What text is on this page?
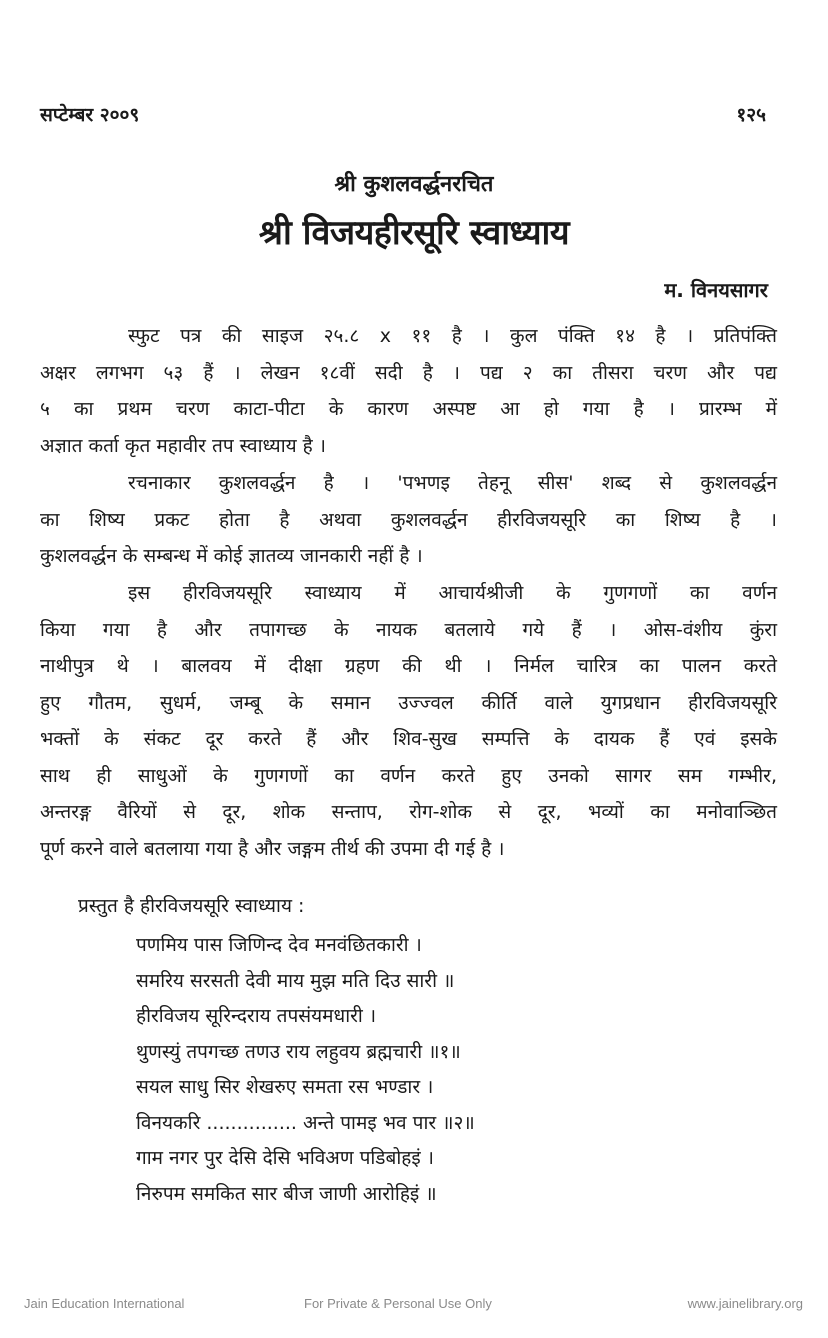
सप्टेम्बर २००९	१२५
श्री कुशलवर्द्धनरचित
श्री विजयहीरसूरि स्वाध्याय
म. विनयसागर
स्फुट पत्र की साइज २५.८ x ११ है । कुल पंक्ति १४ है । प्रतिपंक्ति
अक्षर लगभग ५३ हैं । लेखन १८वीं सदी है । पद्य २ का तीसरा चरण और पद्य
५ का प्रथम चरण काटा-पीटा के कारण अस्पष्ट आ हो गया है । प्रारम्भ में
अज्ञात कर्ता कृत महावीर तप स्वाध्याय है ।
रचनाकार कुशलवर्द्धन है । 'पभणइ तेहनू सीस' शब्द से कुशलवर्द्धन
का शिष्य प्रकट होता है अथवा कुशलवर्द्धन हीरविजयसूरि का शिष्य है ।
कुशलवर्द्धन के सम्बन्ध में कोई ज्ञातव्य जानकारी नहीं है ।
इस हीरविजयसूरि स्वाध्याय में आचार्यश्रीजी के गुणगणों का वर्णन
किया गया है और तपागच्छ के नायक बतलाये गये हैं । ओस-वंशीय कुंरा
नाथीपुत्र थे । बालवय में दीक्षा ग्रहण की थी । निर्मल चारित्र का पालन करते
हुए गौतम, सुधर्म, जम्बू के समान उज्ज्वल कीर्ति वाले युगप्रधान हीरविजयसूरि
भक्तों के संकट दूर करते हैं और शिव-सुख सम्पत्ति के दायक हैं एवं इसके
साथ ही साधुओं के गुणगणों का वर्णन करते हुए उनको सागर सम गम्भीर,
अन्तरङ्ग वैरियों से दूर, शोक सन्ताप, रोग-शोक से दूर, भव्यों का मनोवाञ्छित
पूर्ण करने वाले बतलाया गया है और जङ्गम तीर्थ की उपमा दी गई है ।
प्रस्तुत है हीरविजयसूरि स्वाध्याय :
पणमिय पास जिणिन्द देव मनवंछितकारी ।
समरिय सरसती देवी माय मुझ मति दिउ सारी ॥
हीरविजय सूरिन्दराय तपसंयमधारी ।
थुणस्युं तपगच्छ तणउ राय लहुवय ब्रह्मचारी ॥१॥
सयल साधु सिर शेखरुए समता रस भण्डार ।
विनयकरि ............... अन्ते पामइ भव पार ॥२॥
गाम नगर पुर देसि देसि भविअण पडिबोहइं ।
निरुपम समकित सार बीज जाणी आरोहिइं ॥
Jain Education International	For Private & Personal Use Only	www.jainelibrary.org
